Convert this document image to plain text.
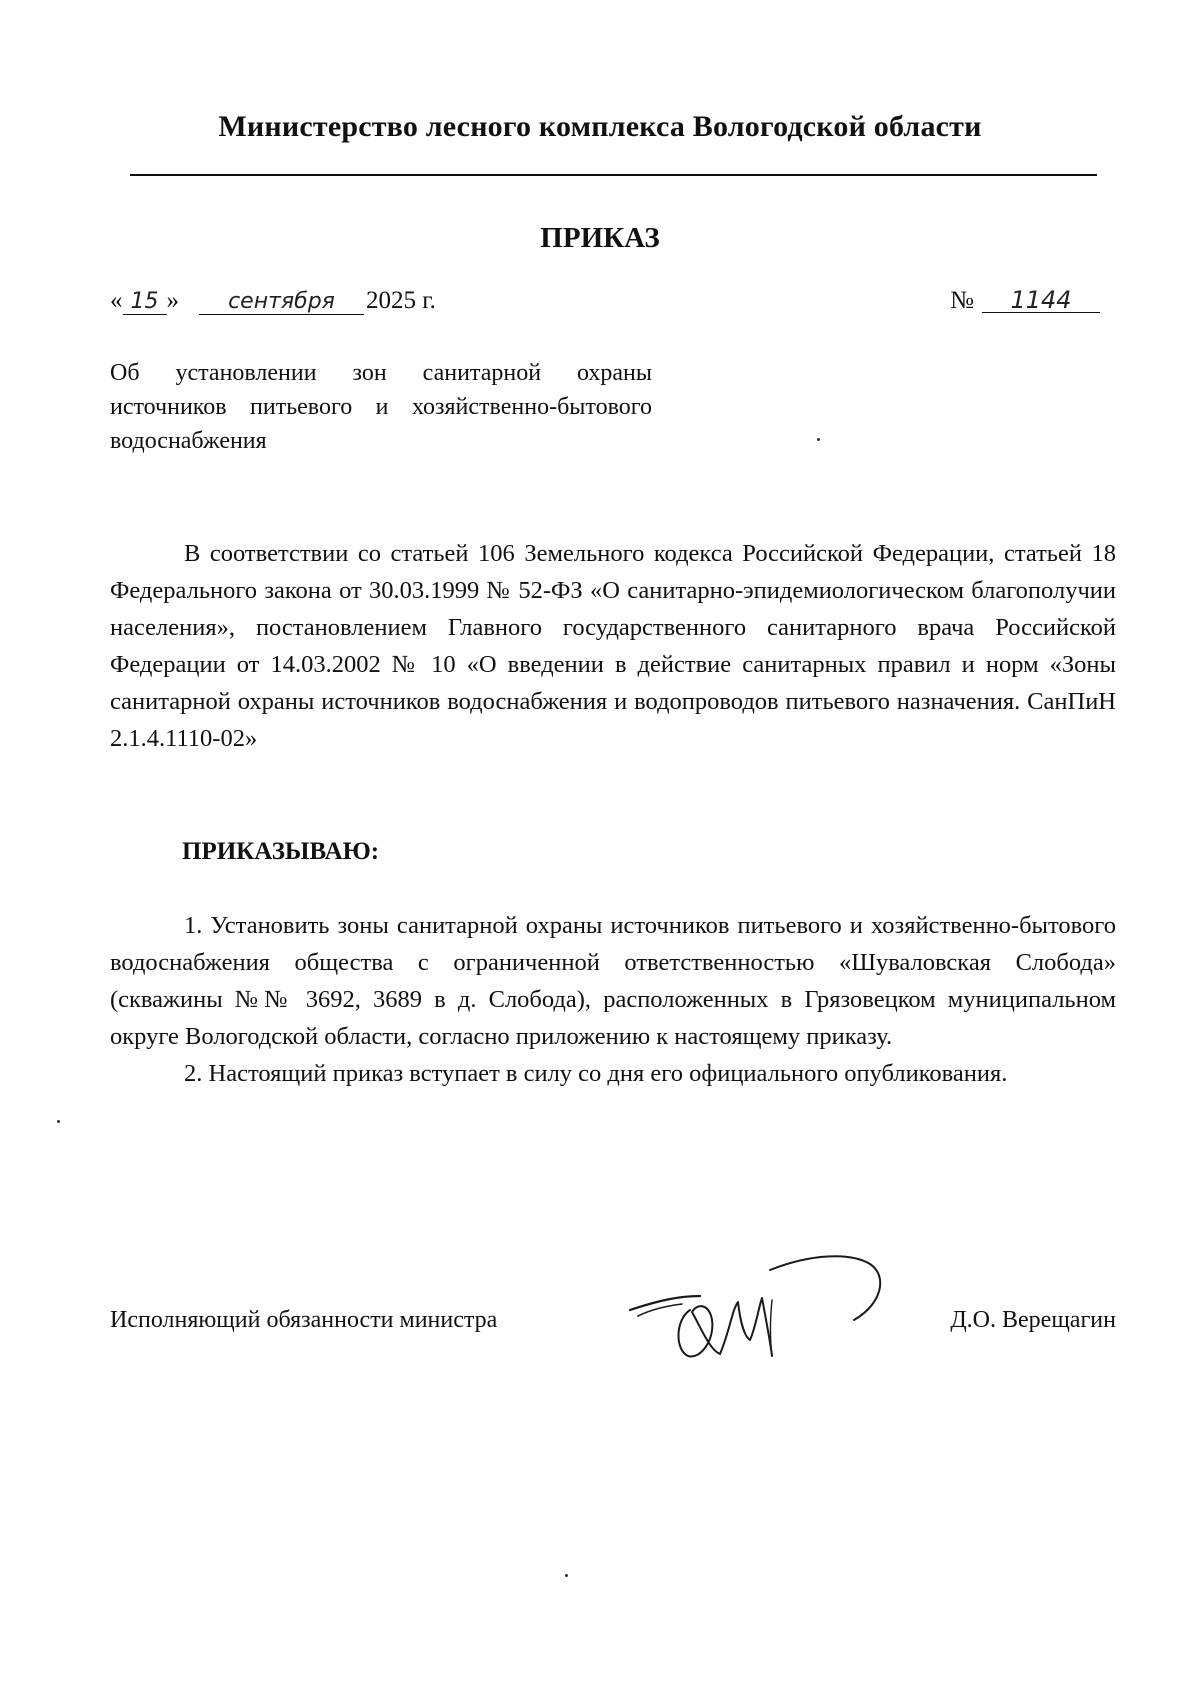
Министерство лесного комплекса Вологодской области
ПРИКАЗ
« 15 » сентября 2025 г.	№ 1144
Об установлении зон санитарной охраны источников питьевого и хозяйственно-бытового водоснабжения

В соответствии со статьей 106 Земельного кодекса Российской Федерации, статьей 18 Федерального закона от 30.03.1999 № 52-ФЗ «О санитарно-эпидемиологическом благополучии населения», постановлением Главного государственного санитарного врача Российской Федерации от 14.03.2002 № 10 «О введении в действие санитарных правил и норм «Зоны санитарной охраны источников водоснабжения и водопроводов питьевого назначения. СанПиН 2.1.4.1110-02»

ПРИКАЗЫВАЮ:

1. Установить зоны санитарной охраны источников питьевого и хозяйственно-бытового водоснабжения общества с ограниченной ответственностью «Шуваловская Слобода» (скважины №№ 3692, 3689 в д. Слобода), расположенных в Грязовецком муниципальном округе Вологодской области, согласно приложению к настоящему приказу.

2. Настоящий приказ вступает в силу со дня его официального опубликования.

Исполняющий обязанности министра	Д.О. Верещагин
